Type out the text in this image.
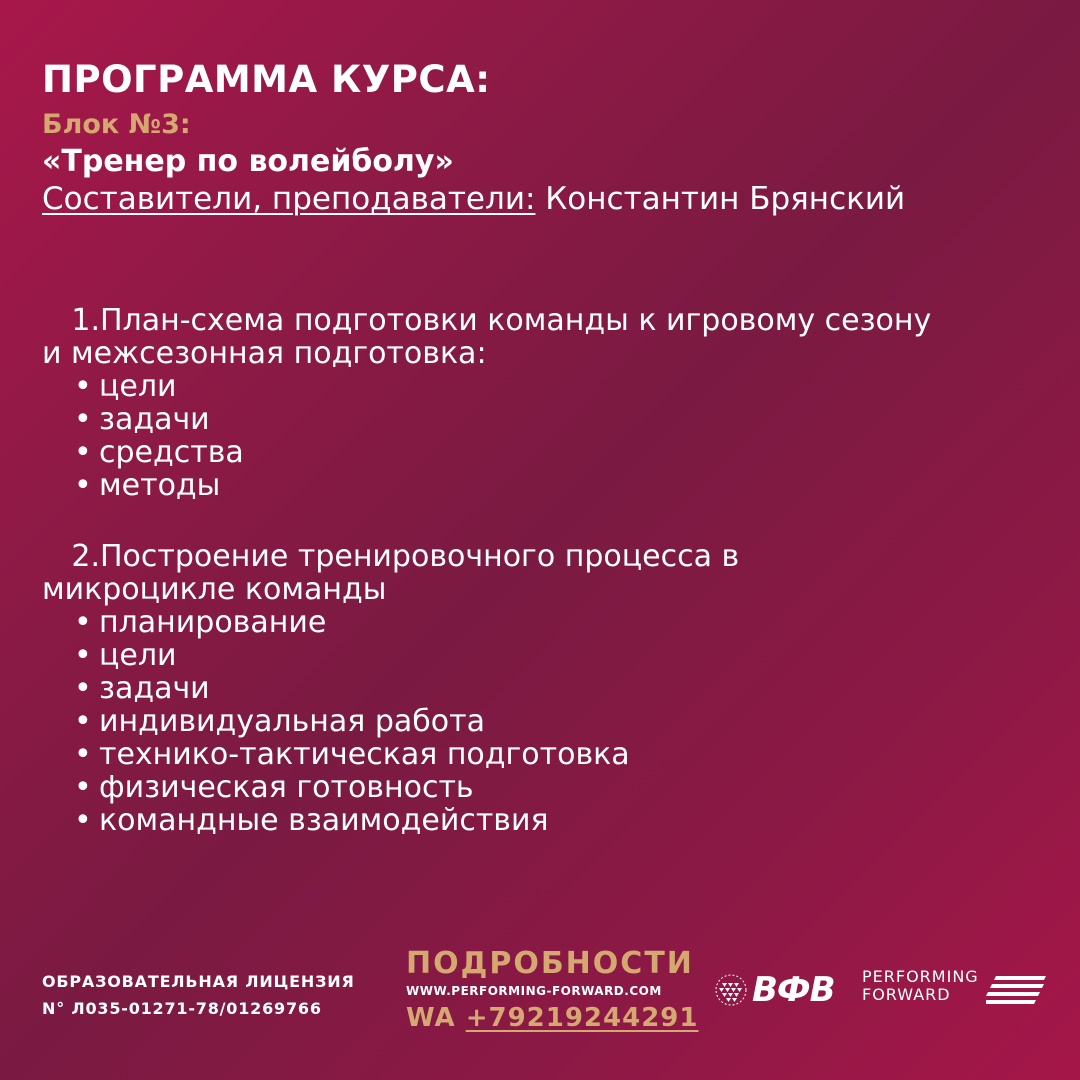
ПРОГРАММА КУРСА:
Блок №3:
«Тренер по волейболу»
Составители, преподаватели: Константин Брянский
1.План-схема подготовки команды к игровому сезону
и межсезонная подготовка:
• цели
• задачи
• средства
• методы
2.Построение тренировочного процесса в
микроцикле команды
• планирование
• цели
• задачи
• индивидуальная работа
• технико-тактическая подготовка
• физическая готовность
• командные взаимодействия
ОБРАЗОВАТЕЛЬНАЯ ЛИЦЕНЗИЯ
N° Л035-01271-78/01269766
ПОДРОБНОСТИ
WWW.PERFORMING-FORWARD.COM
WA +79219244291
ВФВ PERFORMING
FORWARD
